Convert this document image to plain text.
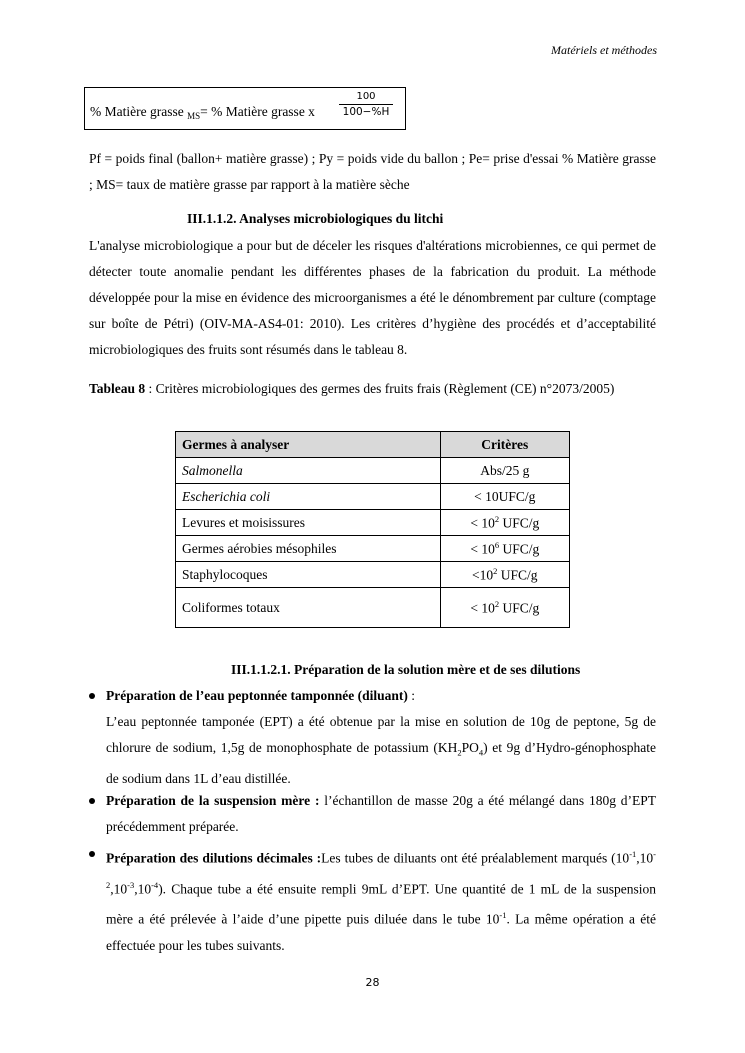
Matériels et méthodes
% Matière grasse $_{MS}$= % Matière grasse x
100
100−%H
Pf = poids final (ballon+ matière grasse) ; Py = poids vide du ballon ; Pe= prise d'essai % Matière grasse ; MS= taux de matière grasse par rapport à la matière sèche
III.1.1.2. Analyses microbiologiques du litchi
L'analyse microbiologique a pour but de déceler les risques d'altérations microbiennes, ce qui permet de détecter toute anomalie pendant les différentes phases de la fabrication du produit. La méthode développée pour la mise en évidence des microorganismes a été le dénombrement par culture (comptage sur boîte de Pétri) (OIV-MA-AS4-01: 2010). Les critères d’hygiène des procédés et d’acceptabilité microbiologiques des fruits sont résumés dans le tableau 8.
Tableau 8 : Critères microbiologiques des germes des fruits frais (Règlement (CE) n°2073/2005)
Germes à analyser	Critères
Salmonella	Abs/25 g
Escherichia coli	< 10UFC/g
Levures et moisissures	< $10^2$ UFC/g
Germes aérobies mésophiles	< $10^6$ UFC/g
Staphylocoques	$<10^2$ UFC/g
Coliformes totaux	< $10^2$ UFC/g
III.1.1.2.1. Préparation de la solution mère et de ses dilutions
Préparation de l’eau peptonnée tamponnée (diluant) :
L’eau peptonnée tamponée (EPT) a été obtenue par la mise en solution de 10g de peptone, 5g de chlorure de sodium, 1,5g de monophosphate de potassium $(KH_2PO_4)$ et 9g d’Hydro-génophosphate de sodium dans 1L d’eau distillée.
Préparation de la suspension mère : l’échantillon de masse 20g a été mélangé dans 180g d’EPT précédemment préparée.
Préparation des dilutions décimales :Les tubes de diluants ont été préalablement marqués $(10^{-1},10^{-2},10^{-3},10^{-4})$. Chaque tube a été ensuite rempli 9mL d’EPT. Une quantité de 1 mL de la suspension mère a été prélevée à l’aide d’une pipette puis diluée dans le tube $10^{-1}$. La même opération a été effectuée pour les tubes suivants.
28
